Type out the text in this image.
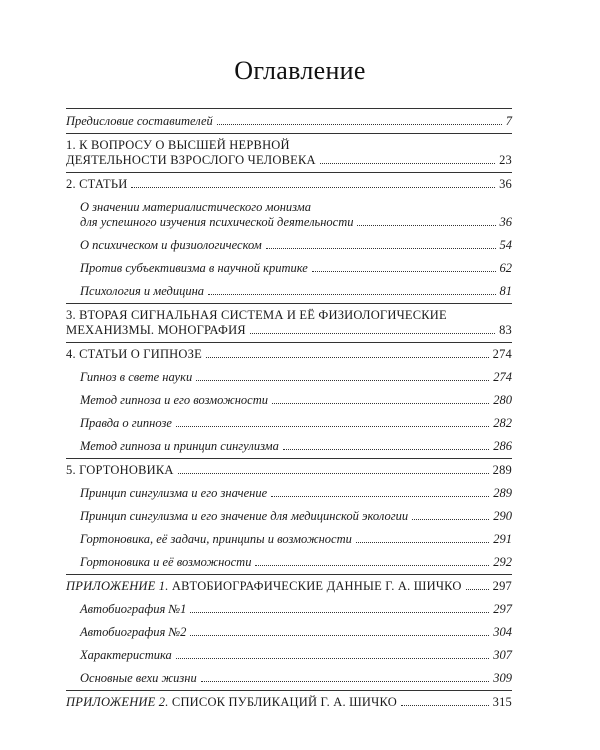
Оглавление
Предисловие составителей	7
1. К ВОПРОСУ О ВЫСШЕЙ НЕРВНОЙ
ДЕЯТЕЛЬНОСТИ ВЗРОСЛОГО ЧЕЛОВЕКА	23
2. СТАТЬИ	36
О значении материалистического монизма
для успешного изучения психической деятельности	36
О психическом и физиологическом	54
Против субъективизма в научной критике	62
Психология и медицина	81
3. ВТОРАЯ СИГНАЛЬНАЯ СИСТЕМА И ЕЁ ФИЗИОЛОГИЧЕСКИЕ
МЕХАНИЗМЫ. МОНОГРАФИЯ	83
4. СТАТЬИ О ГИПНОЗЕ	274
Гипноз в свете науки	274
Метод гипноза и его возможности	280
Правда о гипнозе	282
Метод гипноза и принцип сингулизма	286
5. ГОРТОНОВИКА	289
Принцип сингулизма и его значение	289
Принцип сингулизма и его значение для медицинской экологии	290
Гортоновика, её задачи, принципы и возможности	291
Гортоновика и её возможности	292
ПРИЛОЖЕНИЕ 1. АВТОБИОГРАФИЧЕСКИЕ ДАННЫЕ Г. А. ШИЧКО 297
Автобиография №1	297
Автобиография №2	304
Характеристика	307
Основные вехи жизни	309
ПРИЛОЖЕНИЕ 2. СПИСОК ПУБЛИКАЦИЙ Г. А. ШИЧКО	315
